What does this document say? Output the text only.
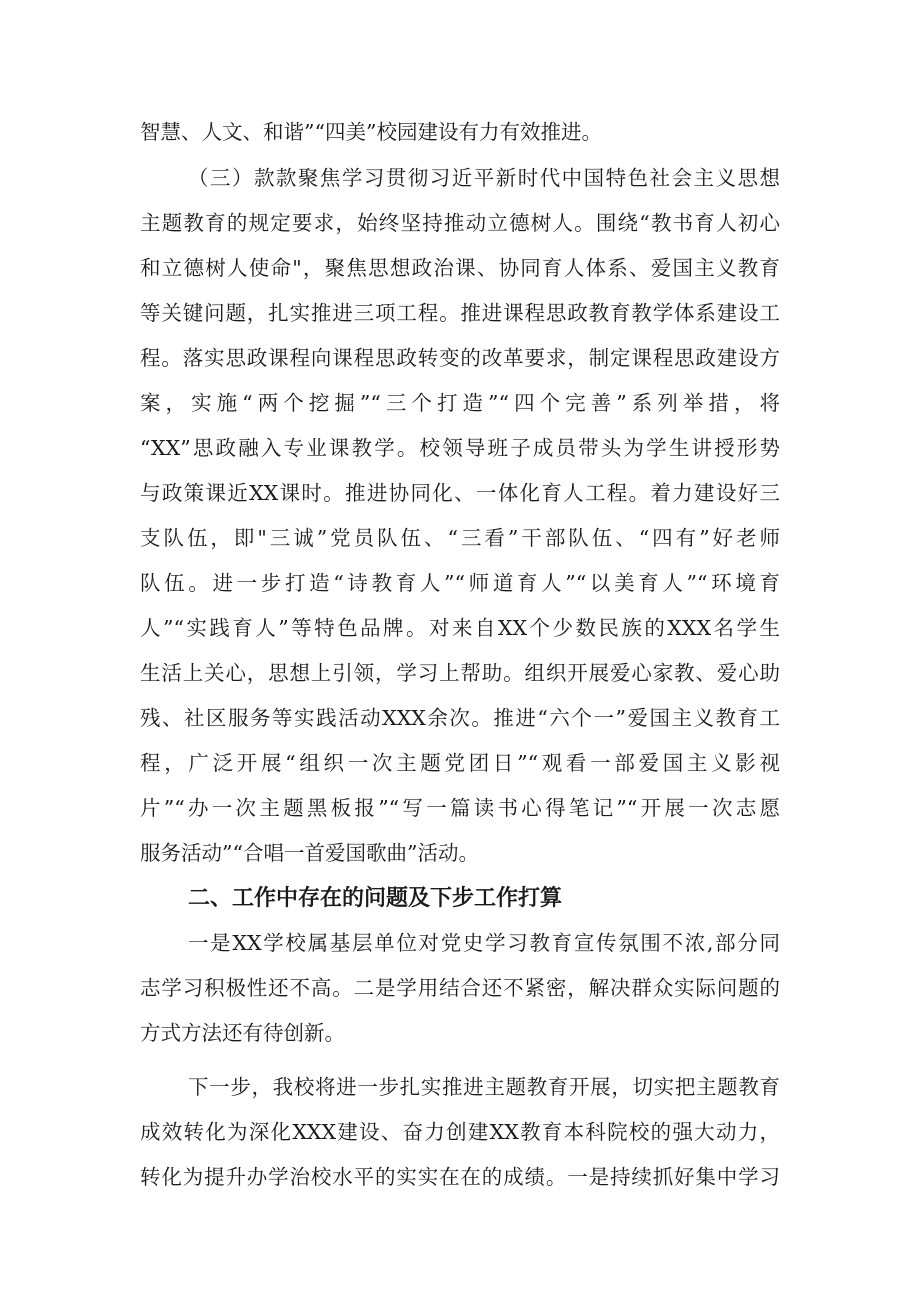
智慧、人文、和谐”“四美”校园建设有力有效推进。
（三）款款聚焦学习贯彻习近平新时代中国特色社会主义思想
主题教育的规定要求，始终坚持推动立德树人。围绕“教书育人初心
和立德树人使命"，聚焦思想政治课、协同育人体系、爱国主义教育
等关键问题，扎实推进三项工程。推进课程思政教育教学体系建设工
程。落实思政课程向课程思政转变的改革要求，制定课程思政建设方
案，实施“两个挖掘”“三个打造”“四个完善”系列举措，将
“XX”思政融入专业课教学。校领导班子成员带头为学生讲授形势
与政策课近XX课时。推进协同化、一体化育人工程。着力建设好三
支队伍，即"三诚”党员队伍、“三看”干部队伍、“四有”好老师
队伍。进一步打造“诗教育人”“师道育人”“以美育人”“环境育
人”“实践育人”等特色品牌。对来自XX个少数民族的XXX名学生
生活上关心，思想上引领，学习上帮助。组织开展爱心家教、爱心助
残、社区服务等实践活动XXX余次。推进“六个一”爱国主义教育工
程，广泛开展“组织一次主题党团日”“观看一部爱国主义影视
片”“办一次主题黑板报”“写一篇读书心得笔记”“开展一次志愿
服务活动”“合唱一首爱国歌曲”活动。
二、工作中存在的问题及下步工作打算
一是XX学校属基层单位对党史学习教育宣传氛围不浓,部分同
志学习积极性还不高。二是学用结合还不紧密，解决群众实际问题的
方式方法还有待创新。
下一步，我校将进一步扎实推进主题教育开展，切实把主题教育
成效转化为深化XXX建设、奋力创建XX教育本科院校的强大动力，
转化为提升办学治校水平的实实在在的成绩。一是持续抓好集中学习
